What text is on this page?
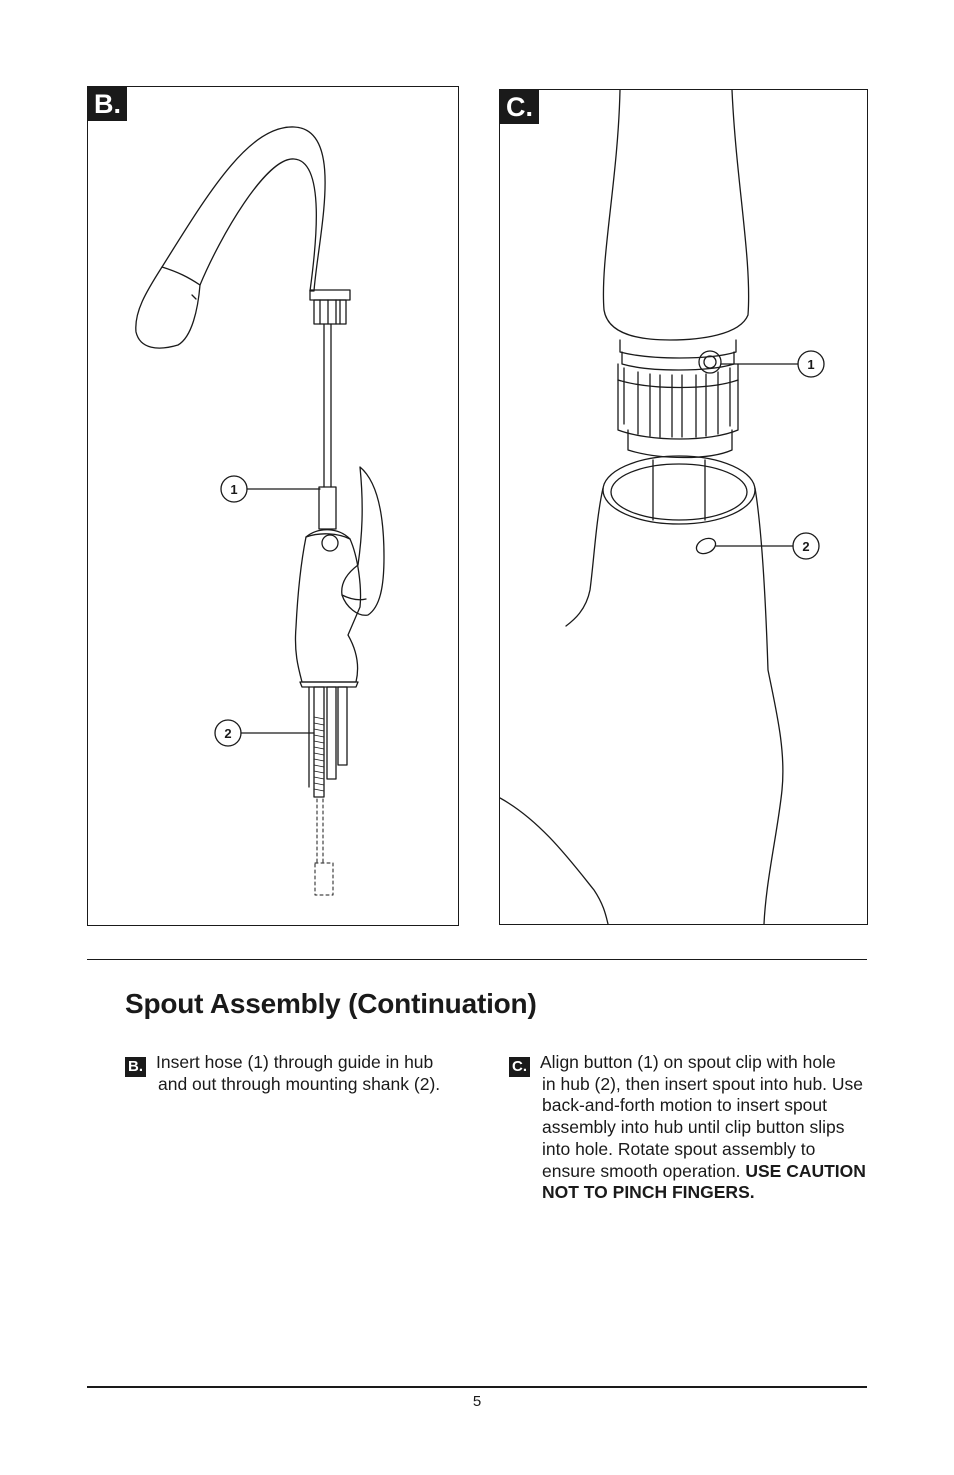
1
2
B.
1
2
C.
Spout Assembly (Continuation)
B. Insert hose (1) through guide in hub
and out through mounting shank (2).
C. Align button (1) on spout clip with hole
in hub (2), then insert spout into hub. Use back-and-forth motion to insert spout assembly into hub until clip button slips into hole. Rotate spout assembly to ensure smooth operation. USE CAUTION NOT TO PINCH FINGERS.
5
